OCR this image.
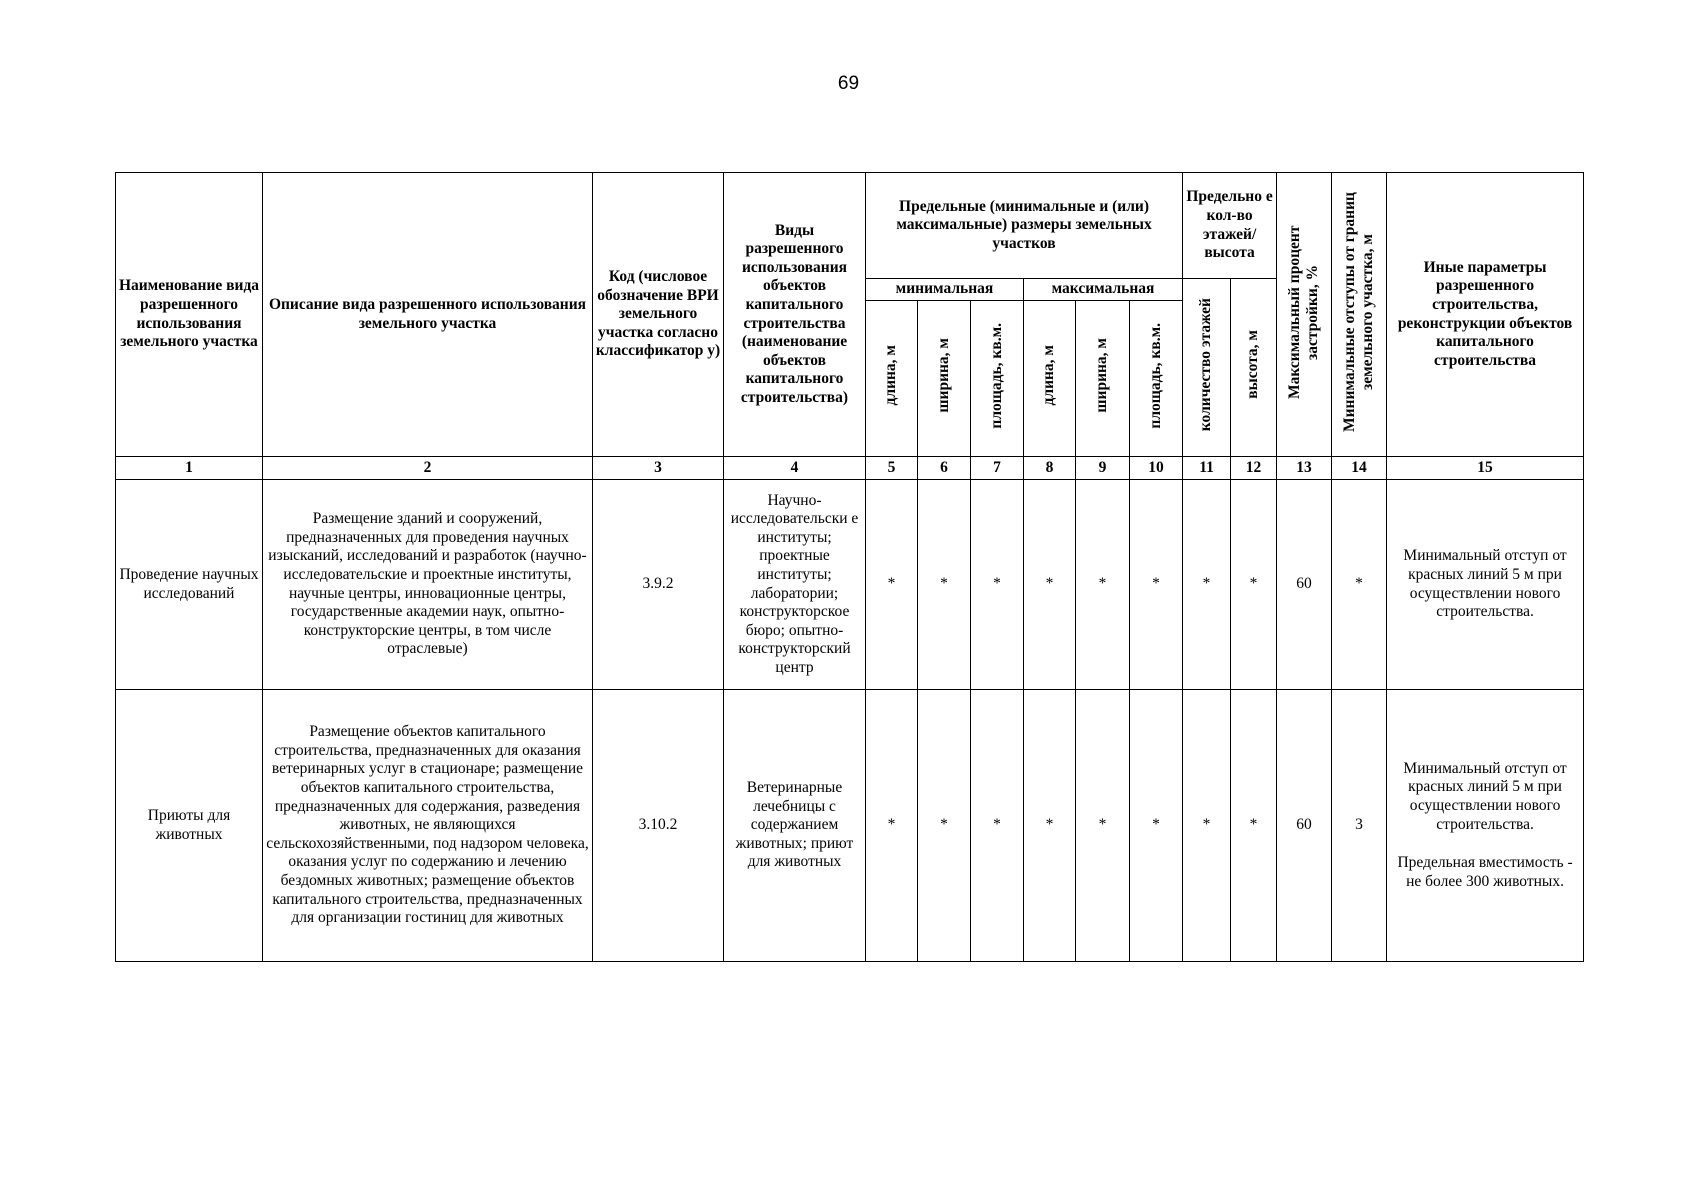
69
Наименование вида разрешенного использования земельного участка	Описание вида разрешенного использования земельного участка	Код (числовое обозначение ВРИ земельного участка согласно классификатор у)	Виды разрешенного использования объектов капитального строительства (наименование объектов капитального строительства)	Предельные (минимальные и (или) максимальные) размеры земельных участков						Предельно е кол-во этажей/ высота		Максимальный процент застройки, %	Минимальные отступы от границ земельного участка, м	Иные параметры разрешенного строительства, реконструкции объектов капитального строительства
				минимальная			максимальная			количество этажей	высота, м			
				длина, м	ширина, м	площадь, кв.м.	длина, м	ширина, м	площадь, кв.м.					
1	2	3	4	5	6	7	8	9	10	11	12	13	14	15
Проведение научных исследований	Размещение зданий и сооружений, предназначенных для проведения научных изысканий, исследований и разработок (научно-исследовательские и проектные институты, научные центры, инновационные центры, государственные академии наук, опытно-конструкторские центры, в том числе отраслевые)	3.9.2	Научно-исследовательски е институты; проектные институты; лаборатории; конструкторское бюро; опытно-конструкторский центр	*	*	*	*	*	*	*	*	60	*	Минимальный отступ от красных линий 5 м при осуществлении нового строительства.
Приюты для животных	Размещение объектов капитального строительства, предназначенных для оказания ветеринарных услуг в стационаре; размещение объектов капитального строительства, предназначенных для содержания, разведения животных, не являющихся сельскохозяйственными, под надзором человека, оказания услуг по содержанию и лечению бездомных животных; размещение объектов капитального строительства, предназначенных для организации гостиниц для животных	3.10.2	Ветеринарные лечебницы с содержанием животных; приют для животных	*	*	*	*	*	*	*	*	60	3	Минимальный отступ от красных линий 5 м при осуществлении нового строительства.
Предельная вместимость - не более 300 животных.
